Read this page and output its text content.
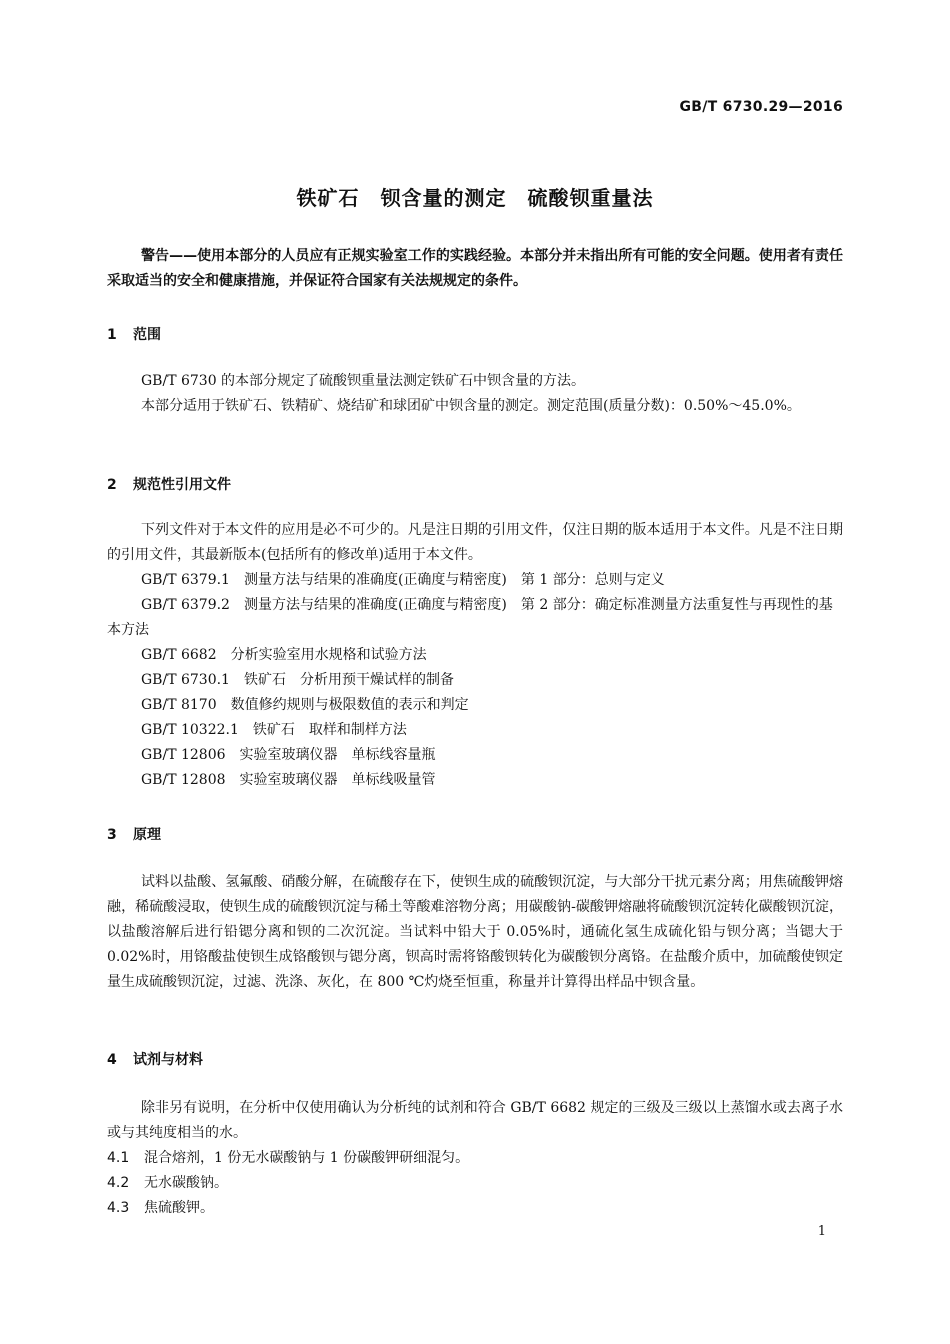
GB/T 6730.29—2016
铁矿石　钡含量的测定　硫酸钡重量法
警告——使用本部分的人员应有正规实验室工作的实践经验。本部分并未指出所有可能的安全问题。使用者有责任采取适当的安全和健康措施，并保证符合国家有关法规规定的条件。
1 范围
GB/T 6730 的本部分规定了硫酸钡重量法测定铁矿石中钡含量的方法。
本部分适用于铁矿石、铁精矿、烧结矿和球团矿中钡含量的测定。测定范围(质量分数)：0.50%～45.0%。
2 规范性引用文件
下列文件对于本文件的应用是必不可少的。凡是注日期的引用文件，仅注日期的版本适用于本文件。凡是不注日期的引用文件，其最新版本(包括所有的修改单)适用于本文件。
GB/T 6379.1　测量方法与结果的准确度(正确度与精密度)　第 1 部分：总则与定义
GB/T 6379.2　测量方法与结果的准确度(正确度与精密度)　第 2 部分：确定标准测量方法重复性与再现性的基本方法
GB/T 6682　分析实验室用水规格和试验方法
GB/T 6730.1　铁矿石　分析用预干燥试样的制备
GB/T 8170　数值修约规则与极限数值的表示和判定
GB/T 10322.1　铁矿石　取样和制样方法
GB/T 12806　实验室玻璃仪器　单标线容量瓶
GB/T 12808　实验室玻璃仪器　单标线吸量管
3 原理
试料以盐酸、氢氟酸、硝酸分解，在硫酸存在下，使钡生成的硫酸钡沉淀，与大部分干扰元素分离；用焦硫酸钾熔融，稀硫酸浸取，使钡生成的硫酸钡沉淀与稀土等酸难溶物分离；用碳酸钠-碳酸钾熔融将硫酸钡沉淀转化碳酸钡沉淀，以盐酸溶解后进行铅锶分离和钡的二次沉淀。当试料中铅大于 0.05%时，通硫化氢生成硫化铅与钡分离；当锶大于 0.02%时，用铬酸盐使钡生成铬酸钡与锶分离，钡高时需将铬酸钡转化为碳酸钡分离铬。在盐酸介质中，加硫酸使钡定量生成硫酸钡沉淀，过滤、洗涤、灰化，在 800 ℃灼烧至恒重，称量并计算得出样品中钡含量。
4 试剂与材料
除非另有说明，在分析中仅使用确认为分析纯的试剂和符合 GB/T 6682 规定的三级及三级以上蒸馏水或去离子水或与其纯度相当的水。
4.1 混合熔剂，1 份无水碳酸钠与 1 份碳酸钾研细混匀。
4.2 无水碳酸钠。
4.3 焦硫酸钾。
1
